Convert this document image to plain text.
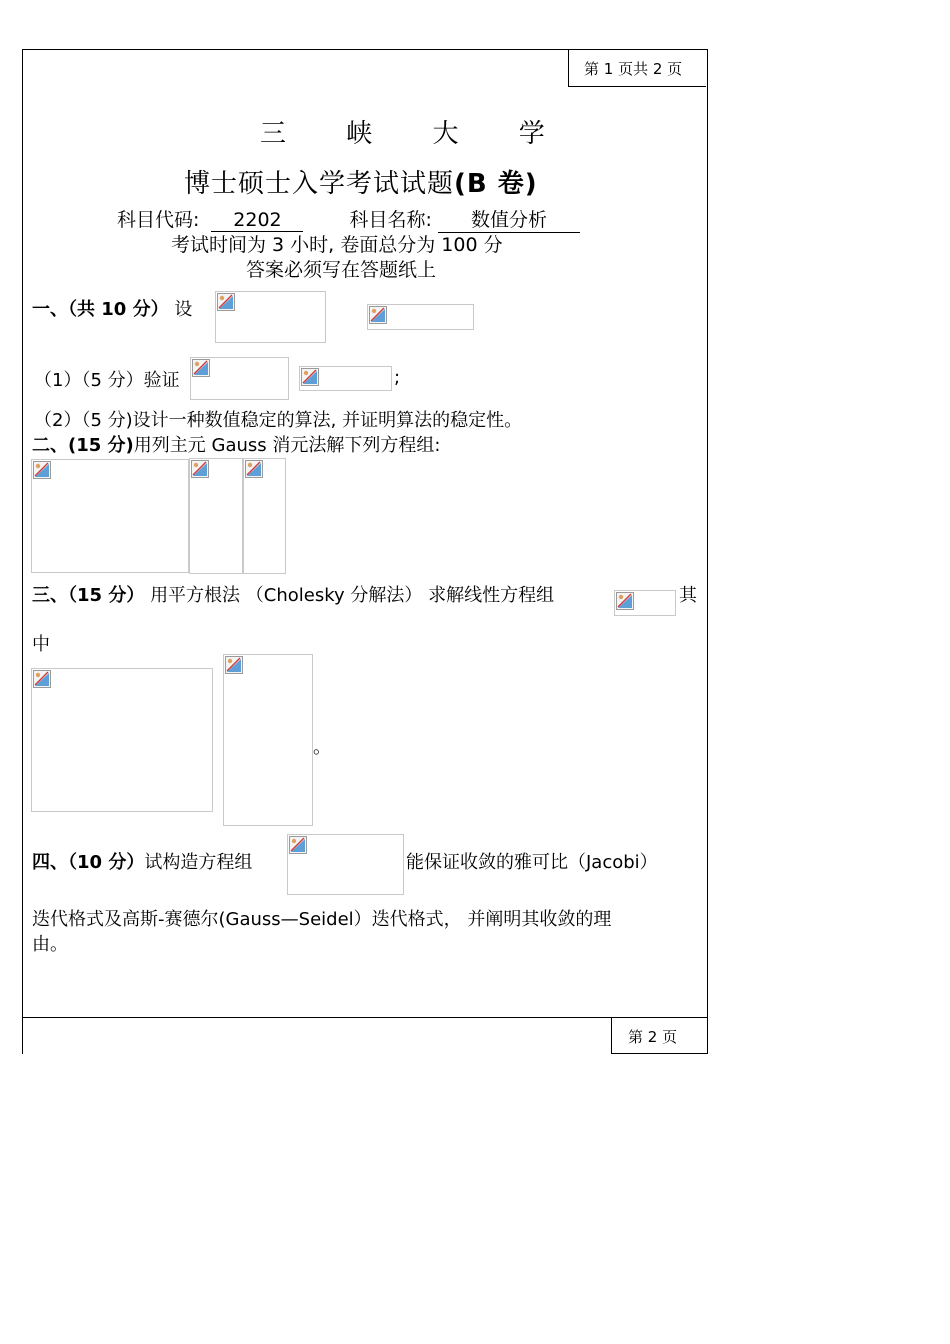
第 1 页共 2 页
三 峡 大 学
博士硕士入学考试试题(B 卷)
科目代码: 2202	科目名称: 数值分析
考试时间为 3 小时, 卷面总分为 100 分
答案必须写在答题纸上
一、（共 10 分） 设
（1）（5 分）验证	;
（2）（5 分)设计一种数值稳定的算法, 并证明算法的稳定性。
二、(15 分)用列主元 Gauss 消元法解下列方程组:
三、（15 分） 用平方根法 （Cholesky 分解法） 求解线性方程组	其
中
。
四、（10 分）试构造方程组	能保证收敛的雅可比（Jacobi）
迭代格式及高斯-赛德尔(Gauss—Seidel）迭代格式， 并阐明其收敛的理
由。
第 2 页
